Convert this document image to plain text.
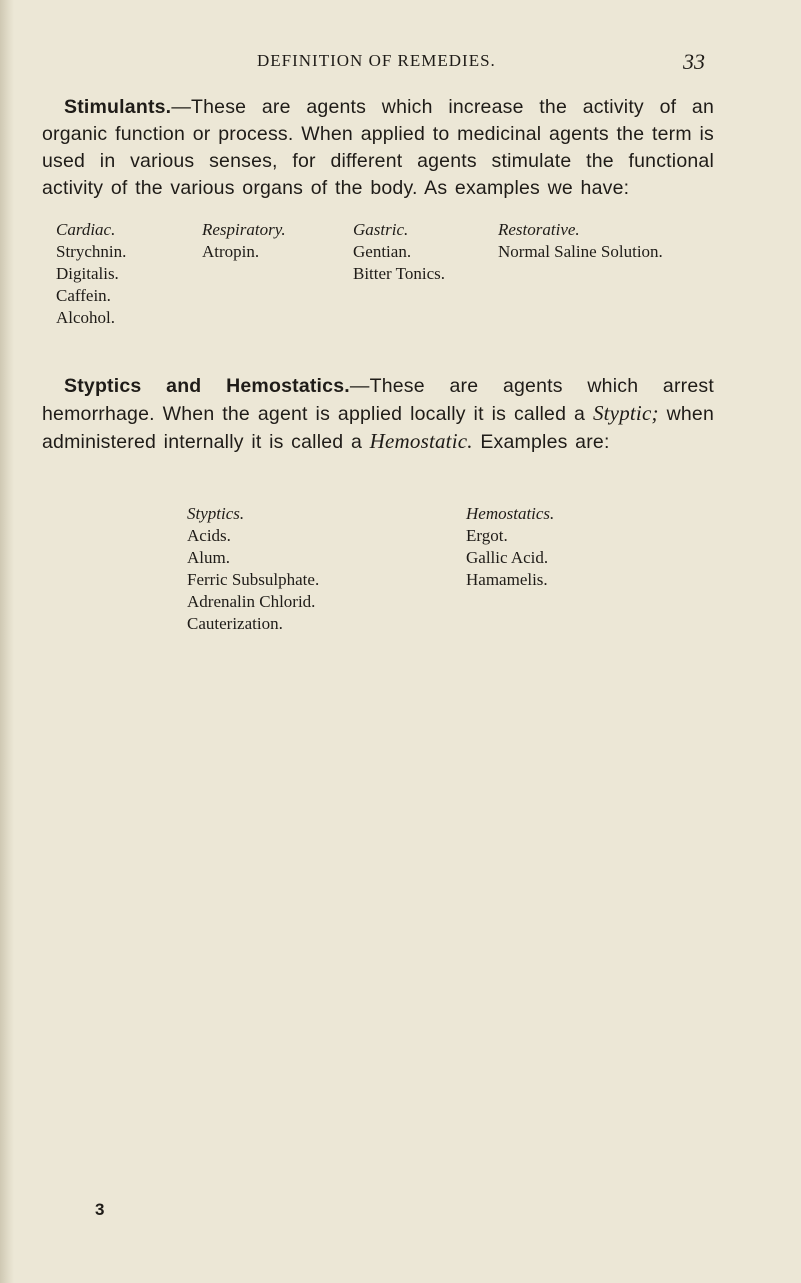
DEFINITION OF REMEDIES.	33

Stimulants.—These are agents which increase the activity of an organic function or process. When applied to medicinal agents the term is used in various senses, for different agents stimulate the functional activity of the various organs of the body. As examples we have:

Cardiac.
Strychnin.
Digitalis.
Caffein.
Alcohol.
Respiratory.
Atropin.
Gastric.
Gentian.
Bitter Tonics.
Restorative.
Normal Saline Solution.

Styptics and Hemostatics.—These are agents which arrest hemorrhage. When the agent is applied locally it is called a Styptic; when administered internally it is called a Hemostatic. Examples are:

Styptics.
Acids.
Alum.
Ferric Subsulphate.
Adrenalin Chlorid.
Cauterization.
Hemostatics.
Ergot.
Gallic Acid.
Hamamelis.
3
